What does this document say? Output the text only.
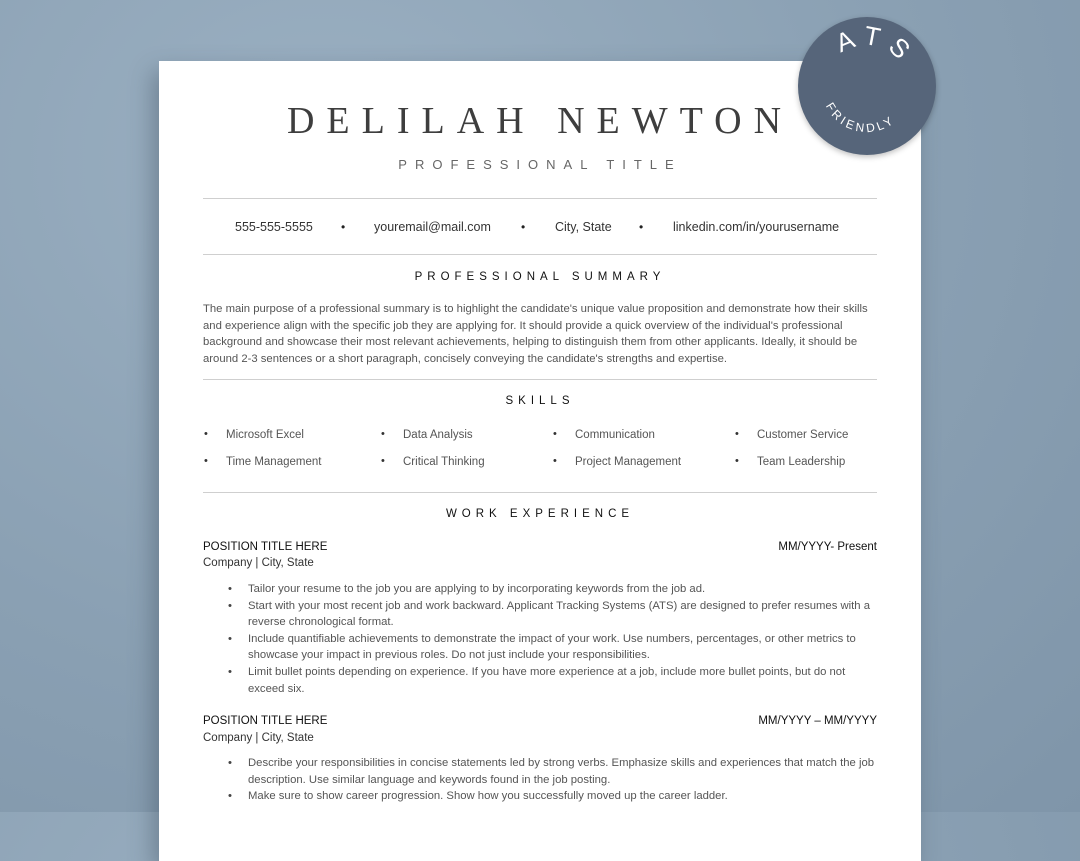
DELILAH NEWTON
PROFESSIONAL TITLE
555-555-5555 • youremail@mail.com	• City, State • linkedin.com/in/yourusername
PROFESSIONAL SUMMARY

The main purpose of a professional summary is to highlight the candidate's unique value proposition and demonstrate how their skills and experience align with the specific job they are applying for. It should provide a quick overview of the individual's professional background and showcase their most relevant achievements, helping to distinguish them from other applicants. Ideally, it should be around 2-3 sentences or a short paragraph, concisely conveying the candidate's strengths and expertise.

SKILLS
• Microsoft Excel	• Data Analysis	• Communication	• Customer Service
• Time Management	• Critical Thinking	• Project Management	• Team Leadership
WORK EXPERIENCE
POSITION TITLE HERE	MM/YYYY- Present
Company | City, State
• Tailor your resume to the job you are applying to by incorporating keywords from the job ad.
• Start with your most recent job and work backward. Applicant Tracking Systems (ATS) are designed to prefer resumes with a reverse chronological format.
• Include quantifiable achievements to demonstrate the impact of your work. Use numbers, percentages, or other metrics to showcase your impact in previous roles. Do not just include your responsibilities.
• Limit bullet points depending on experience. If you have more experience at a job, include more bullet points, but do not exceed six.
POSITION TITLE HERE	MM/YYYY – MM/YYYY
Company | City, State
• Describe your responsibilities in concise statements led by strong verbs. Emphasize skills and experiences that match the job description. Use similar language and keywords found in the job posting.
• Make sure to show career progression. Show how you successfully moved up the career ladder.
ATS
FRIENDLY
